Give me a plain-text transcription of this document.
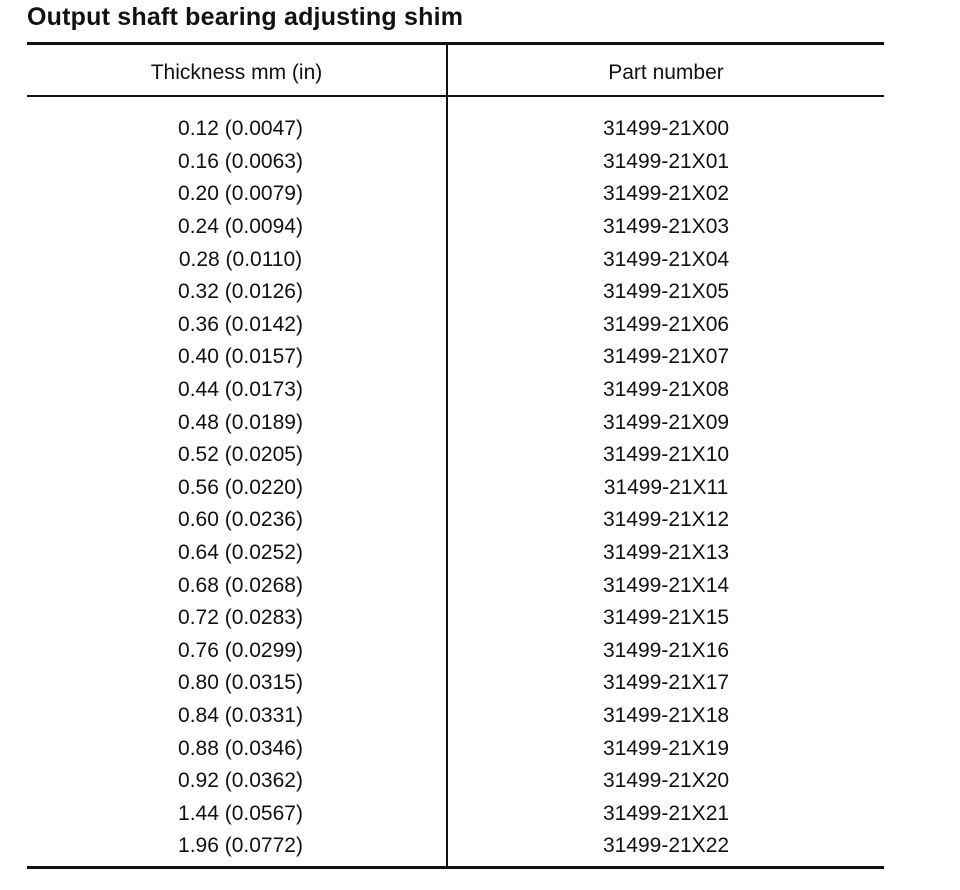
Output shaft bearing adjusting shim
Thickness mm (in)	Part number
0.12 (0.0047)	31499-21X00
0.16 (0.0063)	31499-21X01
0.20 (0.0079)	31499-21X02
0.24 (0.0094)	31499-21X03
0.28 (0.0110)	31499-21X04
0.32 (0.0126)	31499-21X05
0.36 (0.0142)	31499-21X06
0.40 (0.0157)	31499-21X07
0.44 (0.0173)	31499-21X08
0.48 (0.0189)	31499-21X09
0.52 (0.0205)	31499-21X10
0.56 (0.0220)	31499-21X11
0.60 (0.0236)	31499-21X12
0.64 (0.0252)	31499-21X13
0.68 (0.0268)	31499-21X14
0.72 (0.0283)	31499-21X15
0.76 (0.0299)	31499-21X16
0.80 (0.0315)	31499-21X17
0.84 (0.0331)	31499-21X18
0.88 (0.0346)	31499-21X19
0.92 (0.0362)	31499-21X20
1.44 (0.0567)	31499-21X21
1.96 (0.0772)	31499-21X22
